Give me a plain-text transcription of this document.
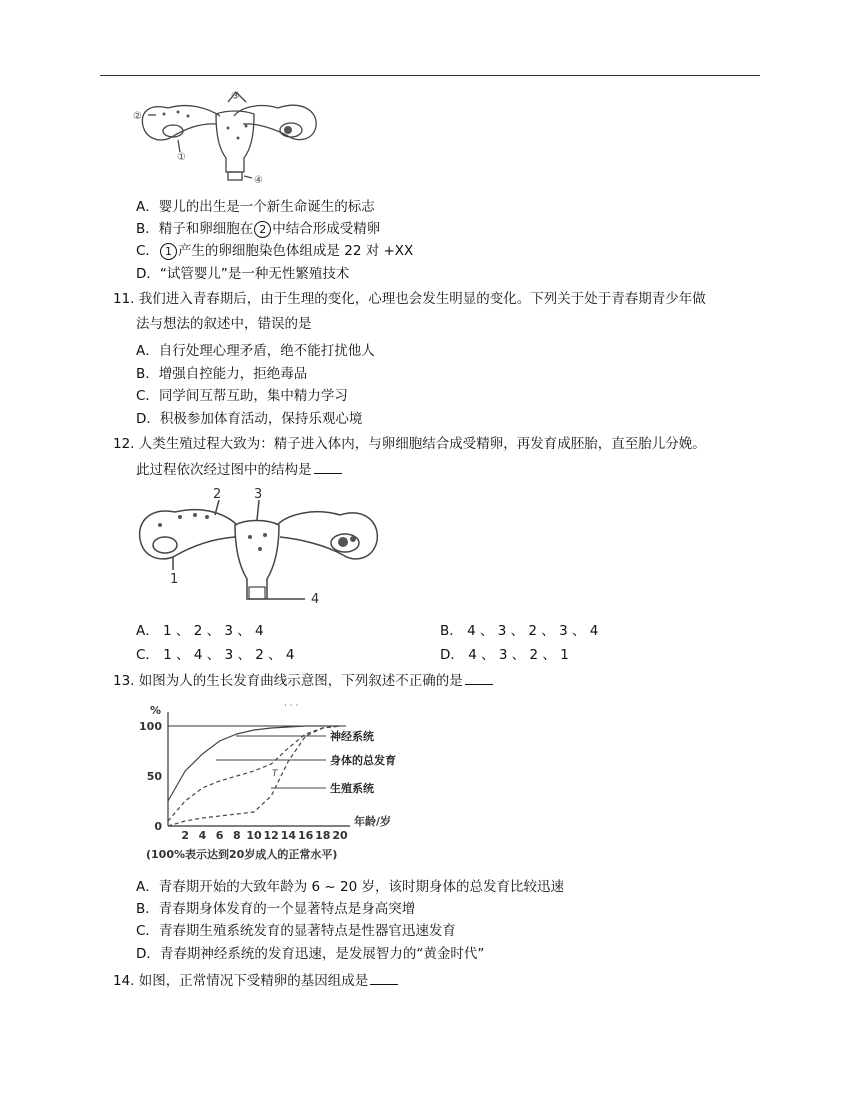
③
②
①
④
A．婴儿的出生是一个新生命诞生的标志
B．精子和卵细胞在 2 中结合形成受精卵
C． 1 产生的卵细胞染色体组成是 22 对 +XX
D．“试管婴儿”是一种无性繁殖技术
11. 我们进入青春期后，由于生理的变化，心理也会发生明显的变化。下列关于处于青春期青少年做
法与想法的叙述中，错误的是
A．自行处理心理矛盾，绝不能打扰他人
B．增强自控能力，拒绝毒品
C．同学间互帮互助，集中精力学习
D．积极参加体育活动，保持乐观心境
12. 人类生殖过程大致为：精子进入体内，与卵细胞结合成受精卵，再发育成胚胎，直至胎儿分娩。
此过程依次经过图中的结构是
2	3
1
4
A． 1 、 2 、 3 、 4	B． 4 、 3 、 2 、 3 、 4
C． 1 、 4 、 3 、 2 、 4	D． 4 、 3 、 2 、 1
13. 如图为人的生长发育曲线示意图，下列叙述不正确的是
2 4 6 8 10 12 14 16 18 20
0
50
100
%
年龄/岁
(100%表示达到20岁成人的正常水平)
神经系统
身体的总发育
生殖系统
T
· · ·
A．青春期开始的大致年龄为 6 ~ 20 岁，该时期身体的总发育比较迅速
B．青春期身体发育的一个显著特点是身高突增
C．青春期生殖系统发育的显著特点是性器官迅速发育
D．青春期神经系统的发育迅速，是发展智力的“黄金时代”
14. 如图，正常情况下受精卵的基因组成是
